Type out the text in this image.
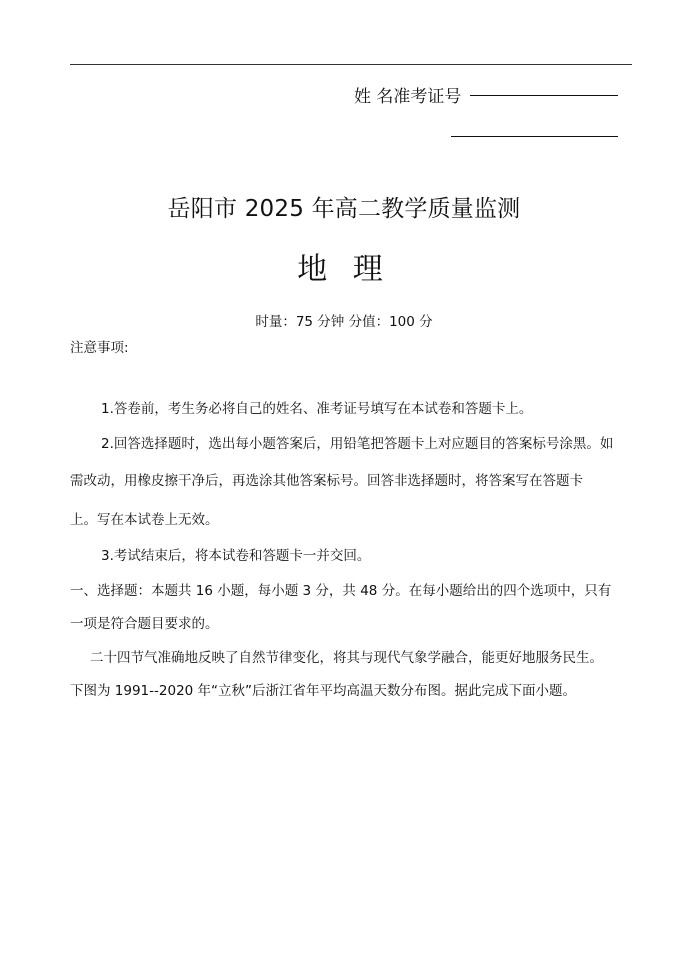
姓 名准考证号
岳阳市 2025 年高二教学质量监测
地 理
时量：75 分钟 分值：100 分
注意事项:
1.答卷前，考生务必将自己的姓名、准考证号填写在本试卷和答题卡上。
2.回答选择题时，选出每小题答案后，用铅笔把答题卡上对应题目的答案标号涂黑。如
需改动，用橡皮擦干净后，再选涂其他答案标号。回答非选择题时，将答案写在答题卡
上。写在本试卷上无效。
3.考试结束后，将本试卷和答题卡一并交回。
一、选择题：本题共 16 小题，每小题 3 分，共 48 分。在每小题给出的四个选项中，只有
一项是符合题目要求的。
二十四节气准确地反映了自然节律变化，将其与现代气象学融合，能更好地服务民生。
下图为 1991--2020 年“立秋”后浙江省年平均高温天数分布图。据此完成下面小题。
